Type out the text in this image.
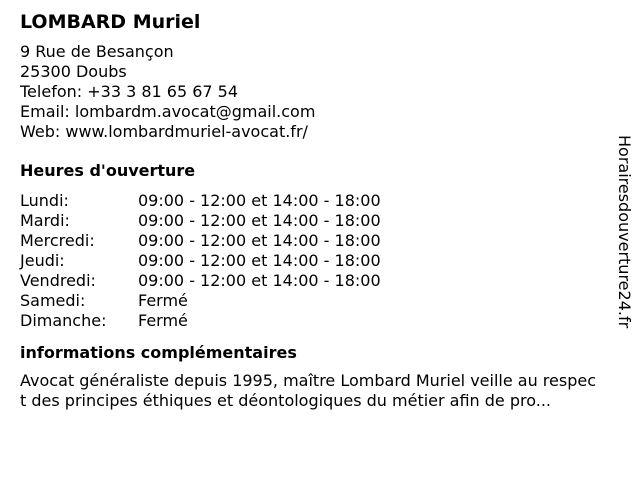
LOMBARD Muriel
9 Rue de Besançon
25300 Doubs
Telefon: +33 3 81 65 67 54
Email: lombardm.avocat@gmail.com
Web: www.lombardmuriel-avocat.fr/
Heures d'ouverture
Lundi:	09:00 - 12:00 et 14:00 - 18:00
Mardi:	09:00 - 12:00 et 14:00 - 18:00
Mercredi:	09:00 - 12:00 et 14:00 - 18:00
Jeudi:	09:00 - 12:00 et 14:00 - 18:00
Vendredi:	09:00 - 12:00 et 14:00 - 18:00
Samedi:	Fermé
Dimanche:	Fermé
informations complémentaires
Avocat généraliste depuis 1995, maître Lombard Muriel veille au respect des principes éthiques et déontologiques du métier afin de pro...
Horairesdouverture24.fr
